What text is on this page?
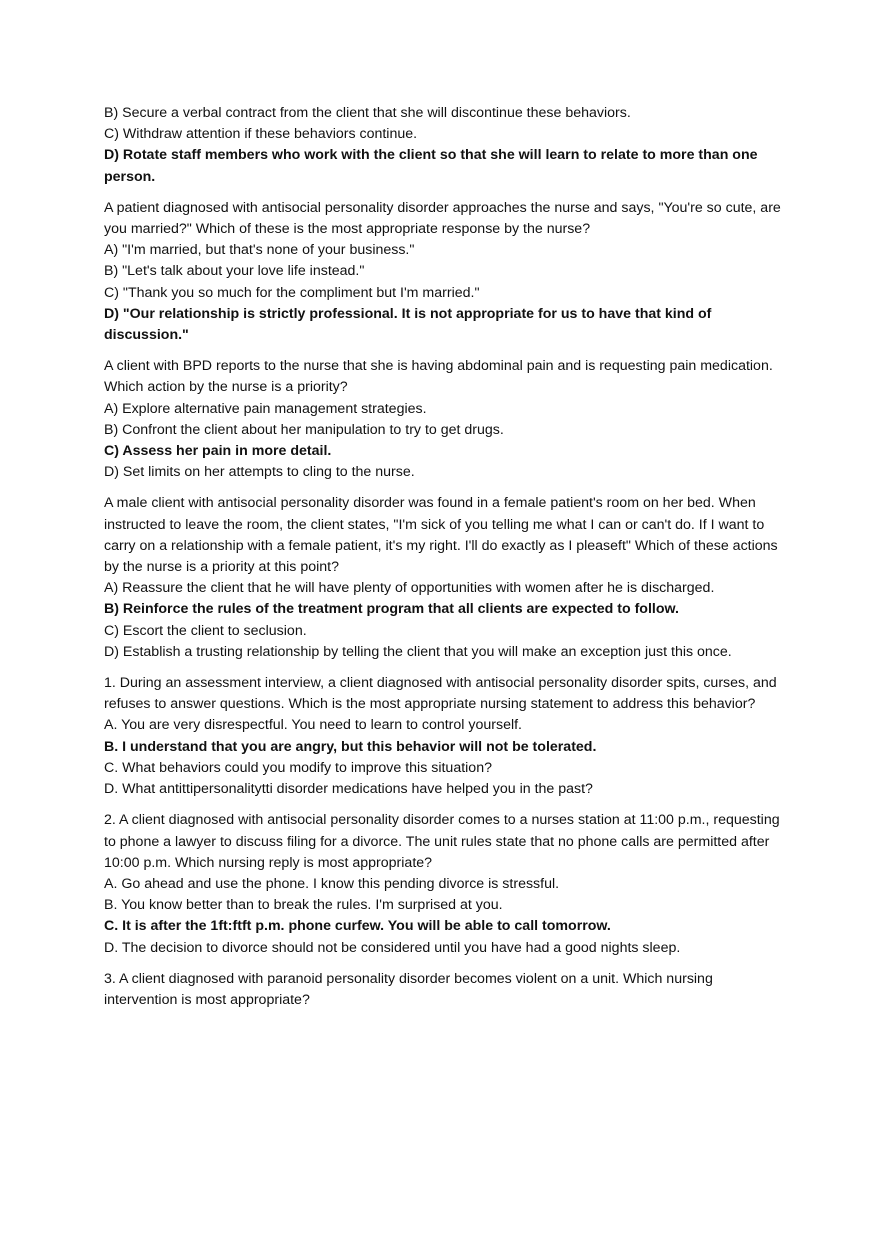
B) Secure a verbal contract from the client that she will discontinue these behaviors.

C) Withdraw attention if these behaviors continue.

D) Rotate staff members who work with the client so that she will learn to relate to more than one person.

A patient diagnosed with antisocial personality disorder approaches the nurse and says, "You're so cute, are you married?" Which of these is the most appropriate response by the nurse?

A) "I'm married, but that's none of your business."

B) "Let's talk about your love life instead."

C) "Thank you so much for the compliment but I'm married."

D) "Our relationship is strictly professional. It is not appropriate for us to have that kind of discussion."

A client with BPD reports to the nurse that she is having abdominal pain and is requesting pain medication. Which action by the nurse is a priority?

A) Explore alternative pain management strategies.

B) Confront the client about her manipulation to try to get drugs.

C) Assess her pain in more detail.

D) Set limits on her attempts to cling to the nurse.

A male client with antisocial personality disorder was found in a female patient's room on her bed. When instructed to leave the room, the client states, "I'm sick of you telling me what I can or can't do. If I want to carry on a relationship with a female patient, it's my right. I'll do exactly as I pleaseft" Which of these actions by the nurse is a priority at this point?

A) Reassure the client that he will have plenty of opportunities with women after he is discharged.

B) Reinforce the rules of the treatment program that all clients are expected to follow.

C) Escort the client to seclusion.

D) Establish a trusting relationship by telling the client that you will make an exception just this once.

1. During an assessment interview, a client diagnosed with antisocial personality disorder spits, curses, and refuses to answer questions. Which is the most appropriate nursing statement to address this behavior?

A. You are very disrespectful. You need to learn to control yourself.

B. I understand that you are angry, but this behavior will not be tolerated.

C. What behaviors could you modify to improve this situation?

D. What antittipersonalitytti disorder medications have helped you in the past?

2. A client diagnosed with antisocial personality disorder comes to a nurses station at 11:00 p.m., requesting to phone a lawyer to discuss filing for a divorce. The unit rules state that no phone calls are permitted after 10:00 p.m. Which nursing reply is most appropriate?

A. Go ahead and use the phone. I know this pending divorce is stressful.

B. You know better than to break the rules. I'm surprised at you.

C. It is after the 1ft:ftft p.m. phone curfew. You will be able to call tomorrow.

D. The decision to divorce should not be considered until you have had a good nights sleep.

3. A client diagnosed with paranoid personality disorder becomes violent on a unit. Which nursing intervention is most appropriate?
